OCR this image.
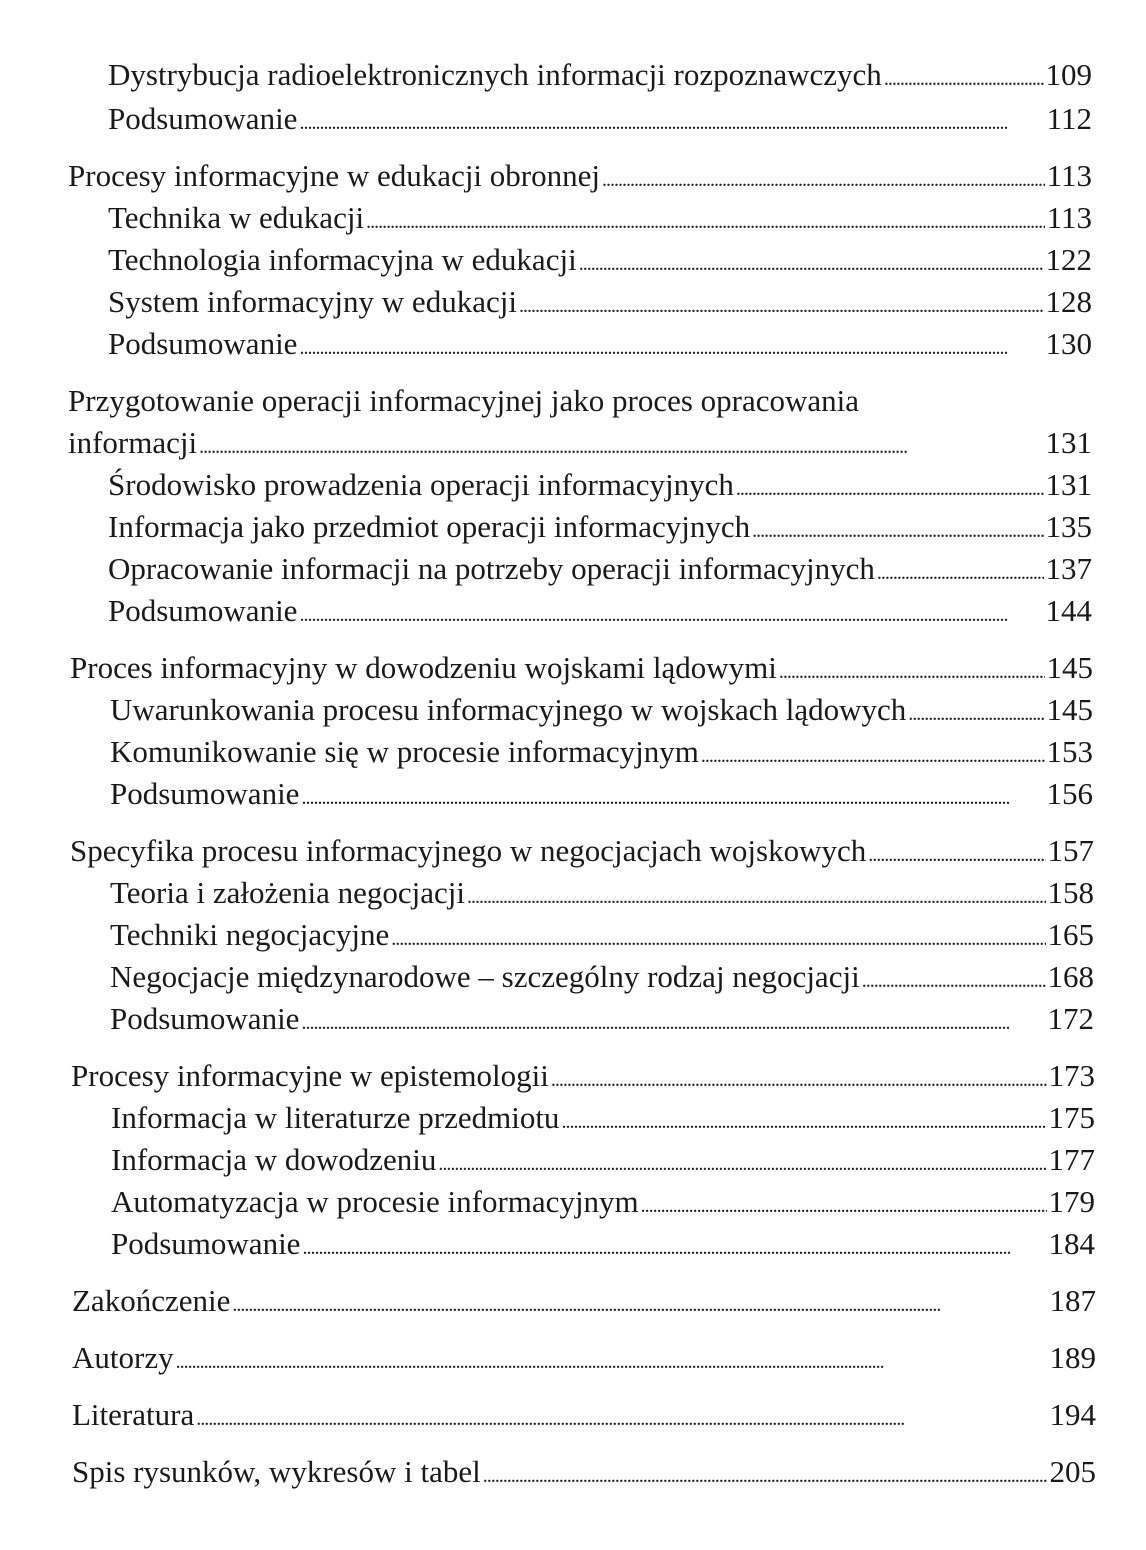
Dystrybucja radioelektronicznych informacji rozpoznawczych . . .	109
Podsumowanie . . .	112
Procesy informacyjne w edukacji obronnej . . .	113
Technika w edukacji . . .	113
Technologia informacyjna w edukacji . . .	122
System informacyjny w edukacji . . .	128
Podsumowanie . . .	130
Przygotowanie operacji informacyjnej jako proces opracowania
informacji . . .	131
Środowisko prowadzenia operacji informacyjnych . . .	131
Informacja jako przedmiot operacji informacyjnych . . .	135
Opracowanie informacji na potrzeby operacji informacyjnych . . .	137
Podsumowanie . . .	144
Proces informacyjny w dowodzeniu wojskami lądowymi . . .	145
Uwarunkowania procesu informacyjnego w wojskach lądowych . . .	145
Komunikowanie się w procesie informacyjnym . . .	153
Podsumowanie . . .	156
Specyfika procesu informacyjnego w negocjacjach wojskowych . . .	157
Teoria i założenia negocjacji . . .	158
Techniki negocjacyjne . . .	165
Negocjacje międzynarodowe – szczególny rodzaj negocjacji . . .	168
Podsumowanie . . .	172
Procesy informacyjne w epistemologii . . .	173
Informacja w literaturze przedmiotu . . .	175
Informacja w dowodzeniu . . .	177
Automatyzacja w procesie informacyjnym . . .	179
Podsumowanie . . .	184
Zakończenie . . .	187
Autorzy . . .	189
Literatura . . .	194
Spis rysunków, wykresów i tabel . . .	205
